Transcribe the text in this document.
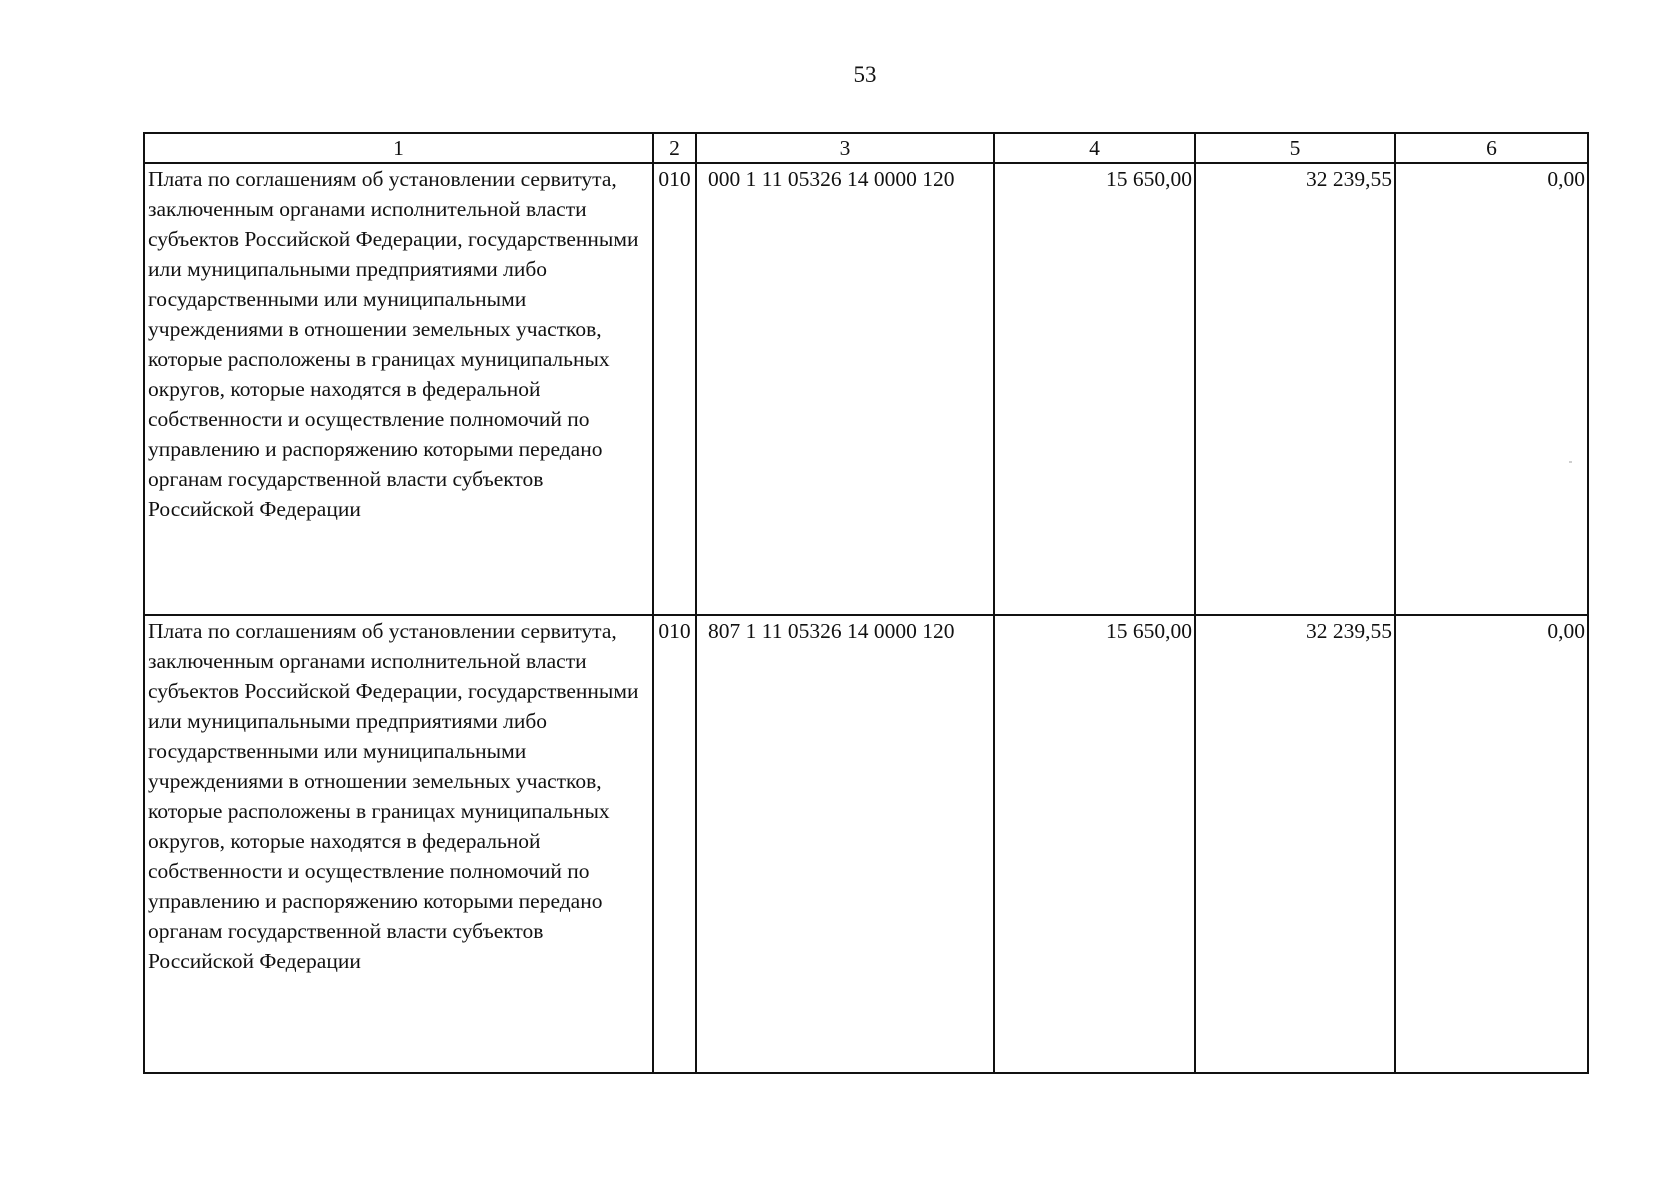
53
1	2	3	4	5	6
Плата по соглашениям об установлении сервитута, заключенным органами исполнительной власти субъектов Российской Федерации, государственными или муниципальными предприятиями либо государственными или муниципальными учреждениями в отношении земельных участков, которые расположены в границах муниципальных округов, которые находятся в федеральной собственности и осуществление полномочий по управлению и распоряжению которыми передано органам государственной власти субъектов Российской Федерации	010	000 1 11 05326 14 0000 120	15 650,00	32 239,55	0,00
Плата по соглашениям об установлении сервитута, заключенным органами исполнительной власти субъектов Российской Федерации, государственными или муниципальными предприятиями либо государственными или муниципальными учреждениями в отношении земельных участков, которые расположены в границах муниципальных округов, которые находятся в федеральной собственности и осуществление полномочий по управлению и распоряжению которыми передано органам государственной власти субъектов Российской Федерации	010	807 1 11 05326 14 0000 120	15 650,00	32 239,55	0,00
